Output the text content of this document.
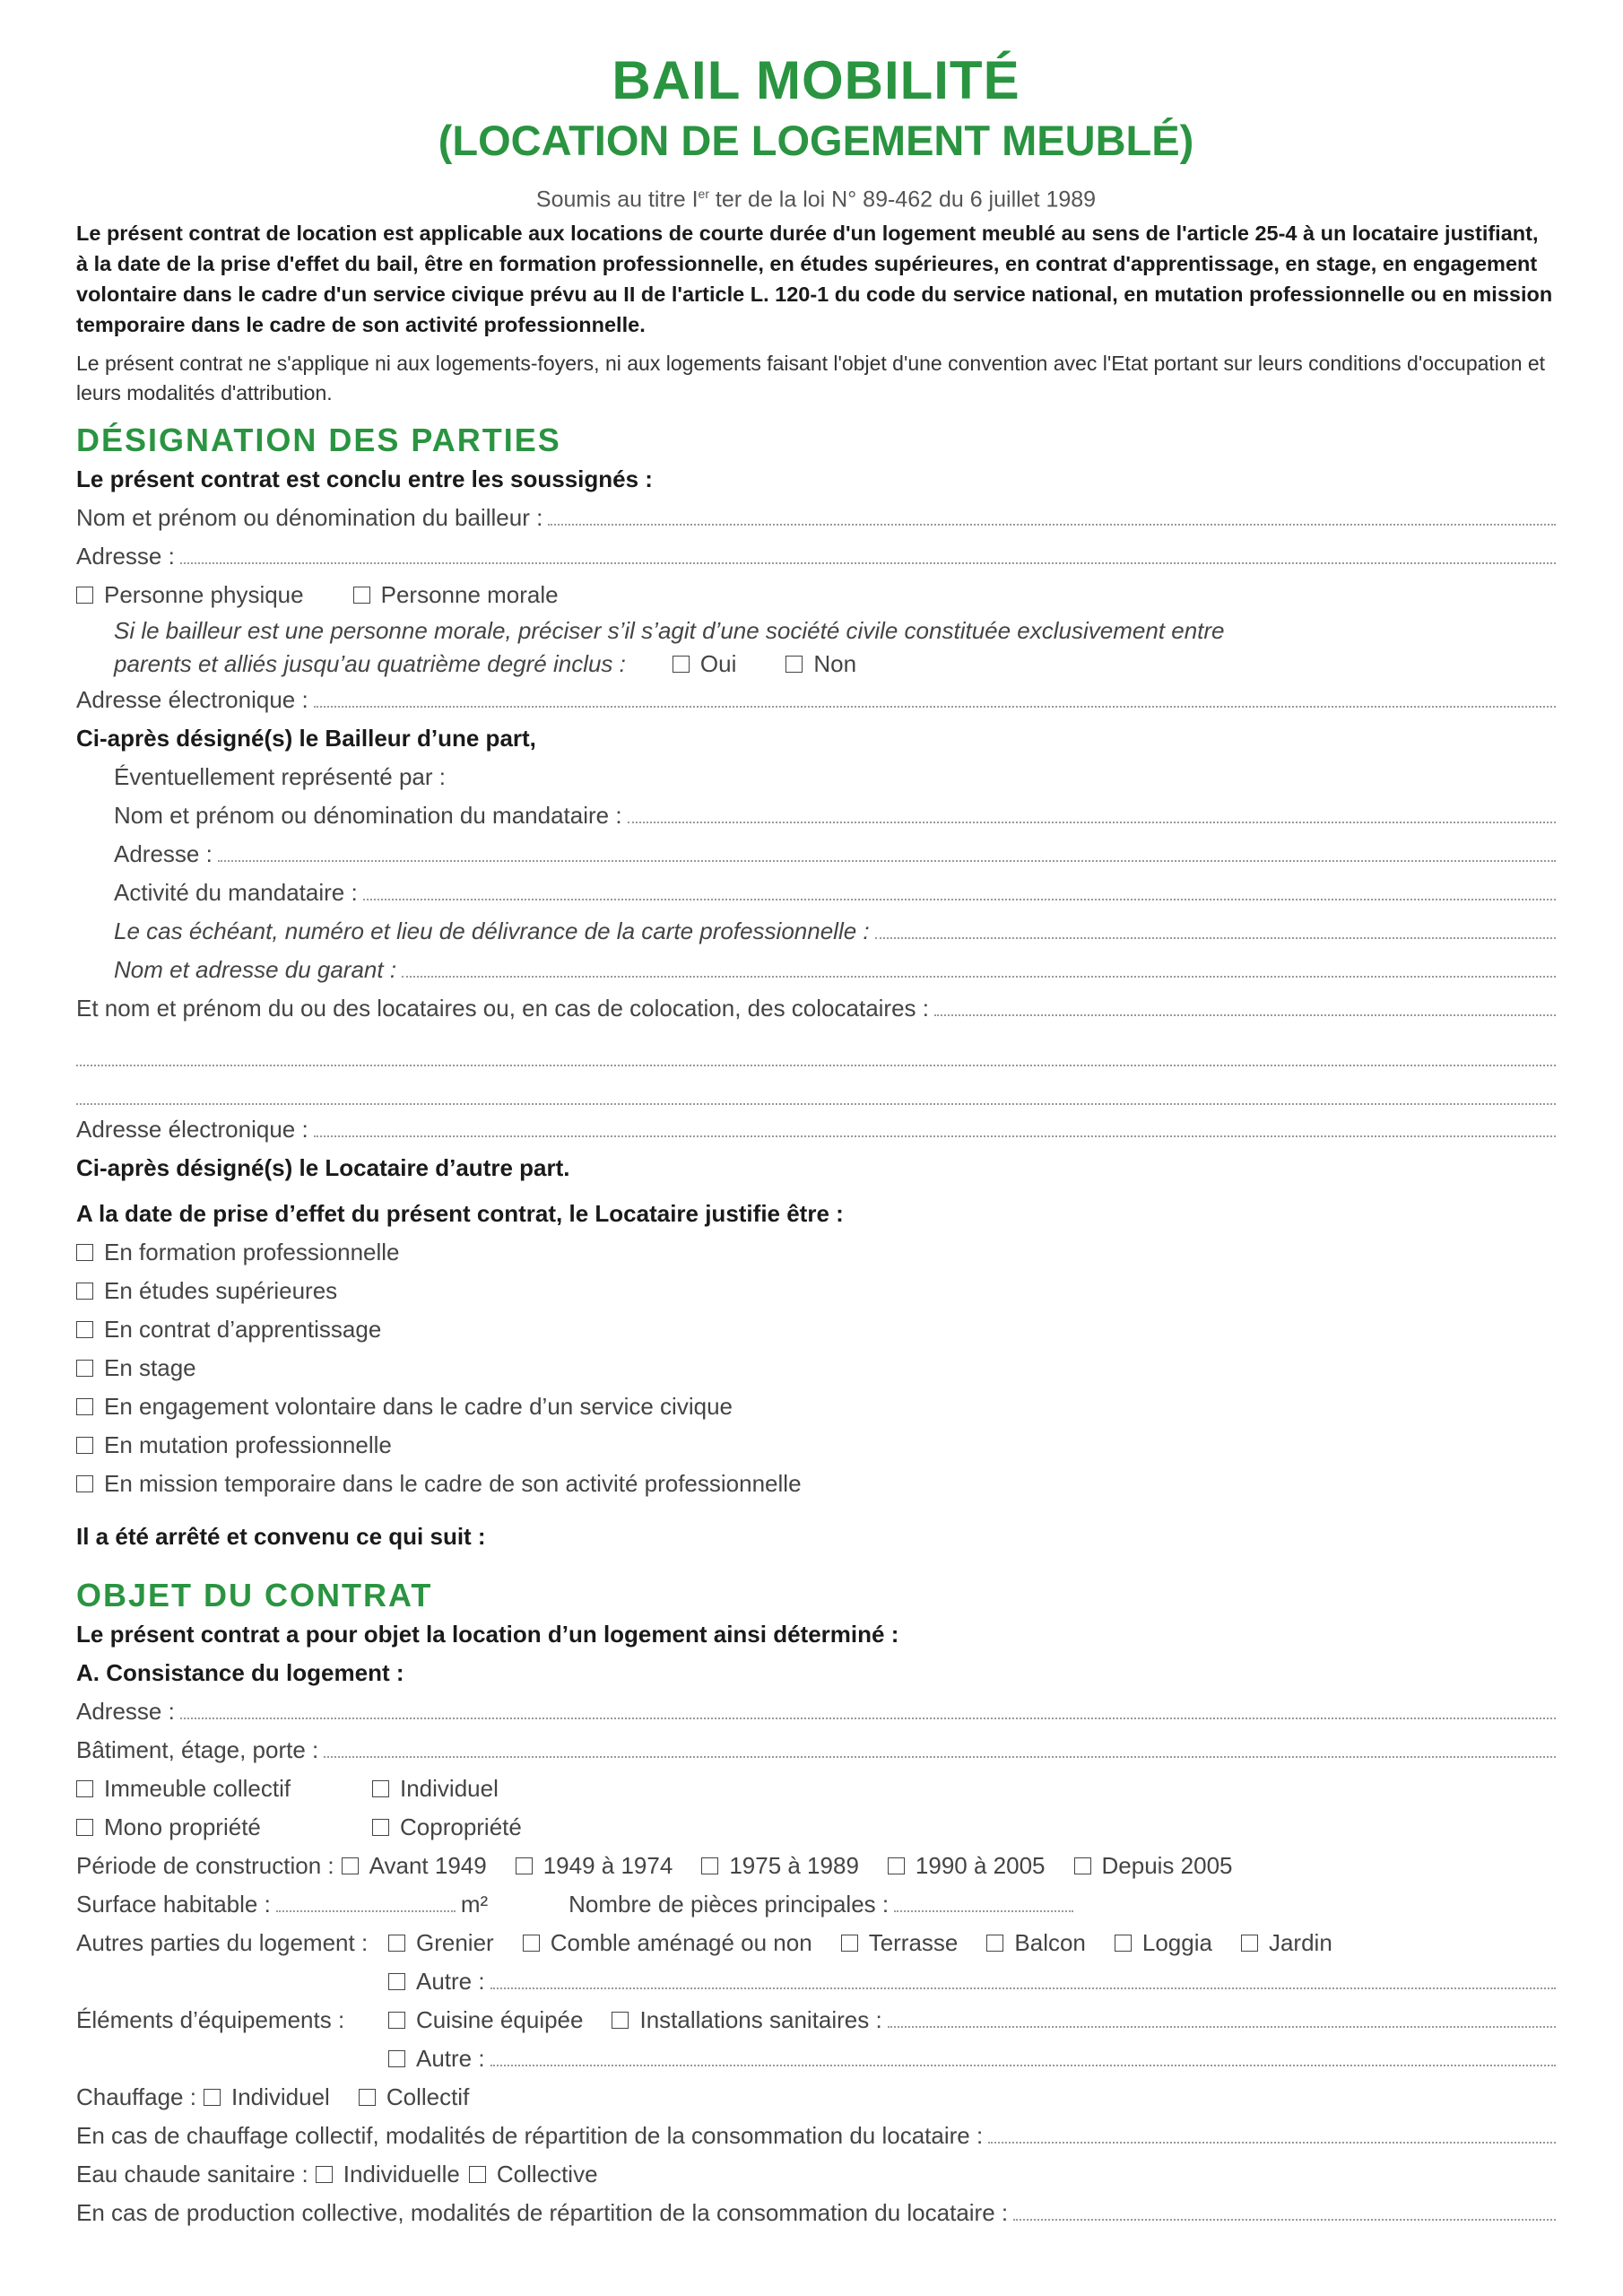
BAIL MOBILITÉ
(LOCATION DE LOGEMENT MEUBLÉ)
Soumis au titre Ier ter de la loi N° 89-462 du 6 juillet 1989

Le présent contrat de location est applicable aux locations de courte durée d'un logement meublé au sens de l'article 25-4 à un locataire justifiant, à la date de la prise d'effet du bail, être en formation professionnelle, en études supérieures, en contrat d'apprentissage, en stage, en engagement volontaire dans le cadre d'un service civique prévu au II de l'article L. 120-1 du code du service national, en mutation professionnelle ou en mission temporaire dans le cadre de son activité professionnelle.

Le présent contrat ne s'applique ni aux logements-foyers, ni aux logements faisant l'objet d'une convention avec l'Etat portant sur leurs conditions d'occupation et leurs modalités d'attribution.

DÉSIGNATION DES PARTIES
Le présent contrat est conclu entre les soussignés :
Nom et prénom ou dénomination du bailleur :
Adresse :
Personne physique	Personne morale
Si le bailleur est une personne morale, préciser s’il s’agit d’une société civile constituée exclusivement entre
parents et alliés jusqu’au quatrième degré inclus :	Oui	Non
Adresse électronique :
Ci-après désigné(s) le Bailleur d’une part,
Éventuellement représenté par :
Nom et prénom ou dénomination du mandataire :
Adresse :
Activité du mandataire :
Le cas échéant, numéro et lieu de délivrance de la carte professionnelle :
Nom et adresse du garant :
Et nom et prénom du ou des locataires ou, en cas de colocation, des colocataires :
Adresse électronique :
Ci-après désigné(s) le Locataire d’autre part.
A la date de prise d’effet du présent contrat, le Locataire justifie être :
En formation professionnelle
En études supérieures
En contrat d’apprentissage
En stage
En engagement volontaire dans le cadre d’un service civique
En mutation professionnelle
En mission temporaire dans le cadre de son activité professionnelle
Il a été arrêté et convenu ce qui suit :
OBJET DU CONTRAT
Le présent contrat a pour objet la location d’un logement ainsi déterminé :
A. Consistance du logement :
Adresse :
Bâtiment, étage, porte :
Immeuble collectif	Individuel
Mono propriété	Copropriété
Période de construction : Avant 1949 1949 à 1974 1975 à 1989 1990 à 2005 Depuis 2005
Surface habitable :	m²	Nombre de pièces principales :
Autres parties du logement :	Grenier Comble aménagé ou non Terrasse Balcon Loggia Jardin
Autre :
Éléments d’équipements :	Cuisine équipée Installations sanitaires :
Autre :
Chauffage : Individuel Collectif
En cas de chauffage collectif, modalités de répartition de la consommation du locataire :
Eau chaude sanitaire : Individuelle Collective
En cas de production collective, modalités de répartition de la consommation du locataire :
